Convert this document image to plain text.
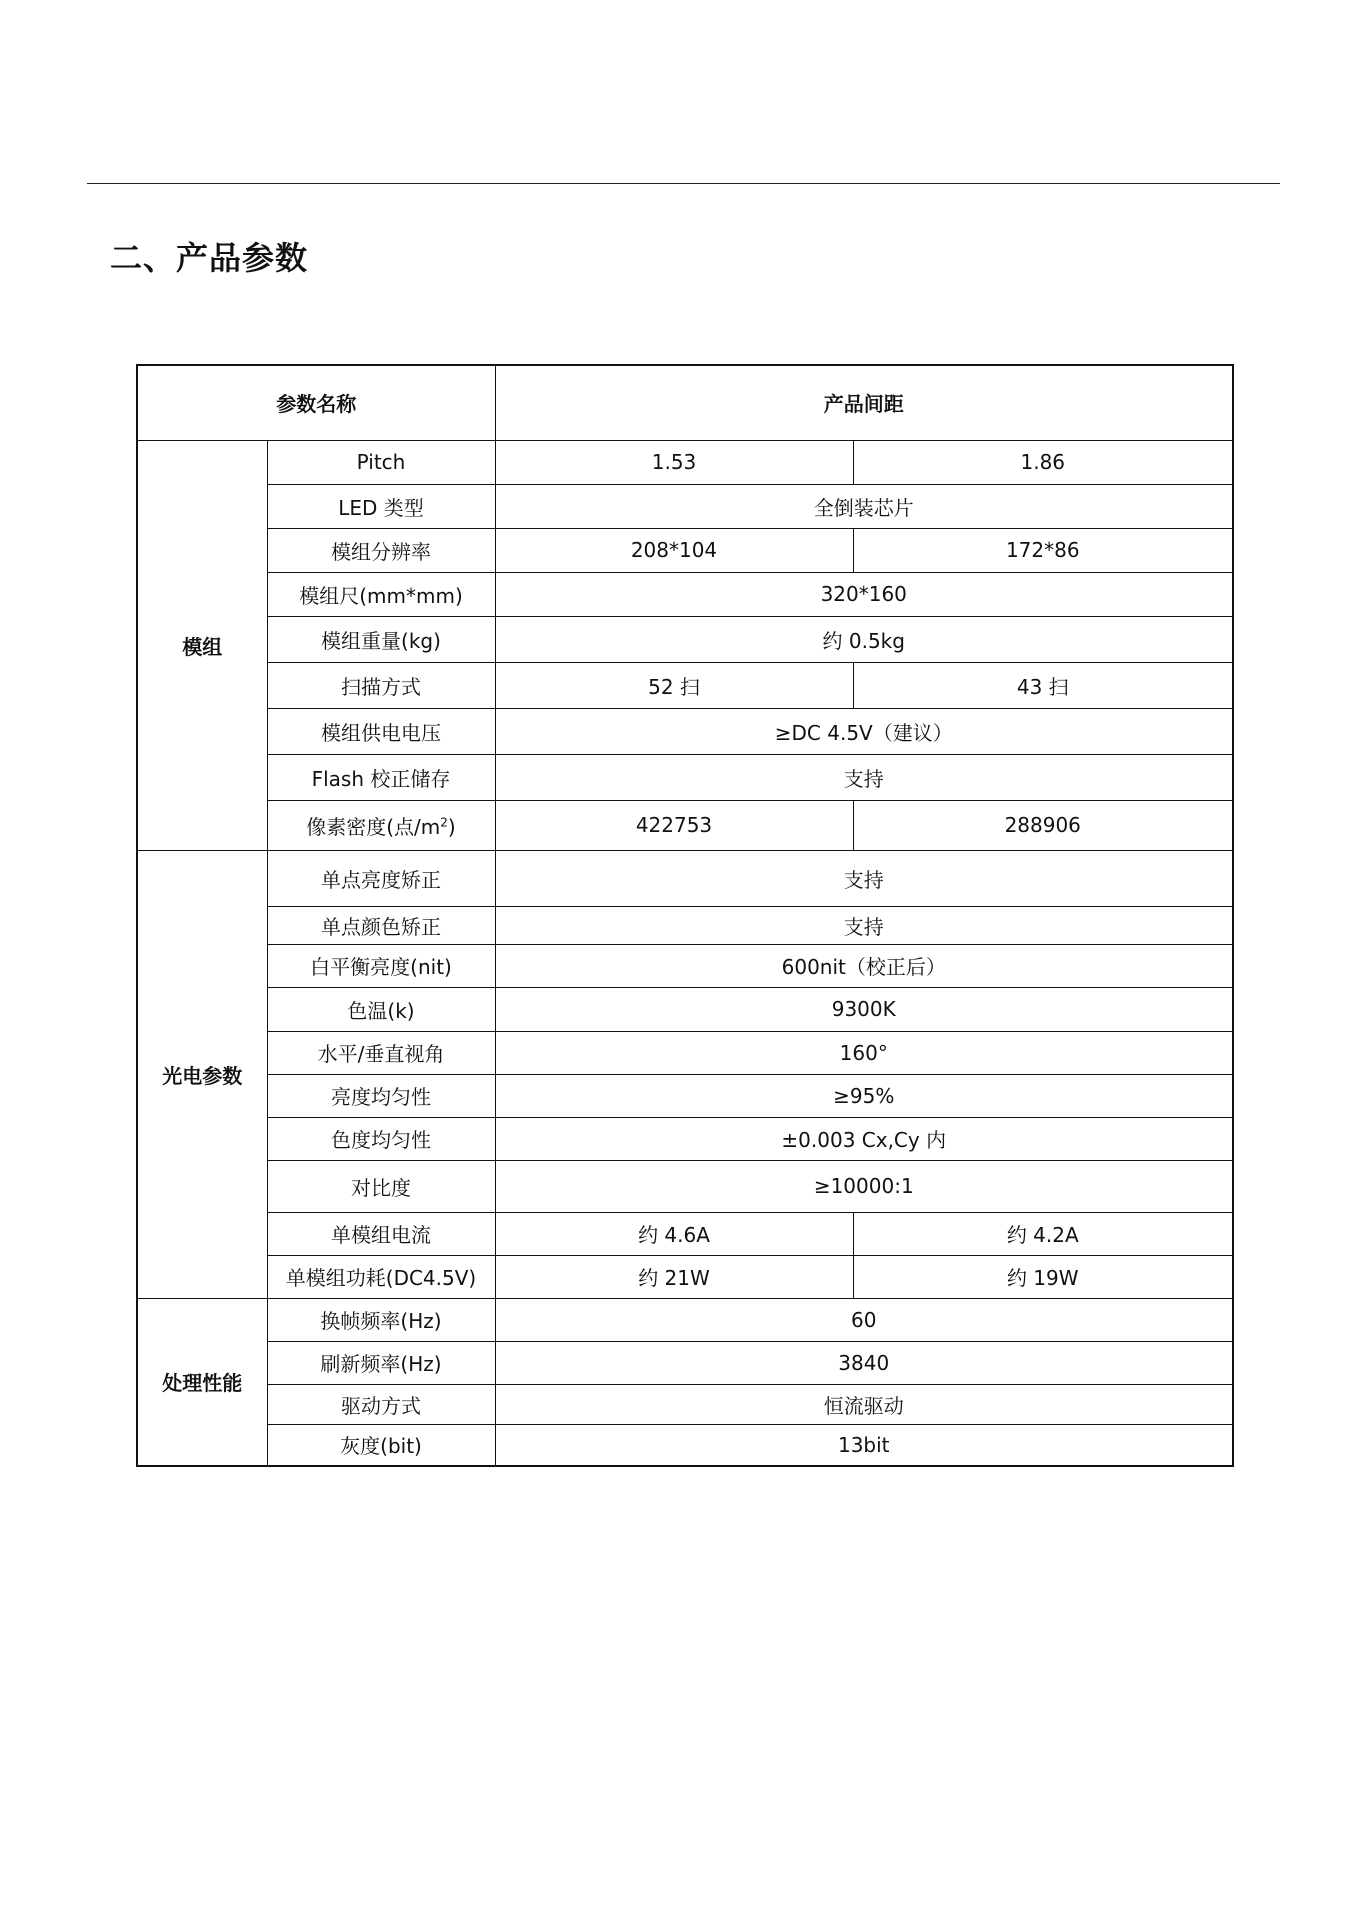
二、产品参数
参数名称		产品间距	
模组	Pitch	1.53	1.86
	LED 类型	全倒装芯片	
	模组分辨率	208*104	172*86
	模组尺(mm*mm)	320*160	
	模组重量(kg)	约 0.5kg	
	扫描方式	52 扫	43 扫
	模组供电电压	≥DC 4.5V（建议）	
	Flash 校正储存	支持	
	像素密度(点$/m^2$)	422753	288906
光电参数	单点亮度矫正	支持	
	单点颜色矫正	支持	
	白平衡亮度(nit)	600nit（校正后）	
	色温(k)	9300K	
	水平/垂直视角	160°	
	亮度均匀性	≥95%	
	色度均匀性	±0.003 Cx,Cy 内	
	对比度	≥10000:1	
	单模组电流	约 4.6A	约 4.2A
	单模组功耗(DC4.5V)	约 21W	约 19W
处理性能	换帧频率(Hz)	60	
	刷新频率(Hz)	3840	
	驱动方式	恒流驱动	
	灰度(bit)	13bit	
